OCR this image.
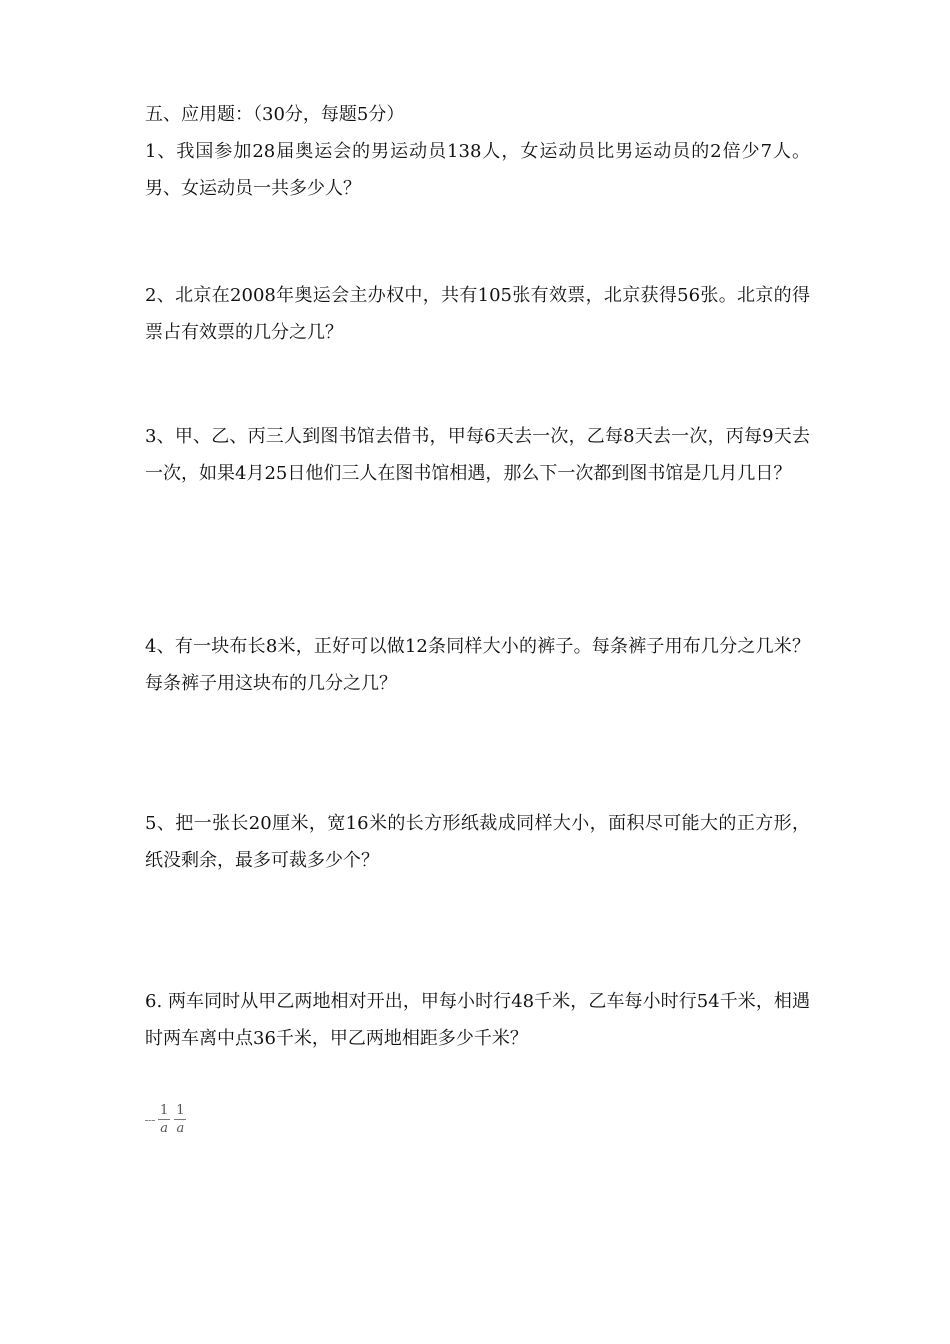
五、应用题：（30分，每题5分）
1、我国参加28届奥运会的男运动员138人，女运动员比男运动员的2倍少7人。男、女运动员一共多少人？
2、北京在2008年奥运会主办权中，共有105张有效票，北京获得56张。北京的得票占有效票的几分之几？
3、甲、乙、丙三人到图书馆去借书，甲每6天去一次，乙每8天去一次，丙每9天去一次，如果4月25日他们三人在图书馆相遇，那么下一次都到图书馆是几月几日？
4、有一块布长8米，正好可以做12条同样大小的裤子。每条裤子用布几分之几米？每条裤子用这块布的几分之几？
5、把一张长20厘米，宽16米的长方形纸裁成同样大小，面积尽可能大的正方形，纸没剩余，最多可裁多少个？
6. 两车同时从甲乙两地相对开出，甲每小时行48千米，乙车每小时行54千米，相遇时两车离中点36千米，甲乙两地相距多少千米？
$\frac{1}{a} \frac{1}{a}$
